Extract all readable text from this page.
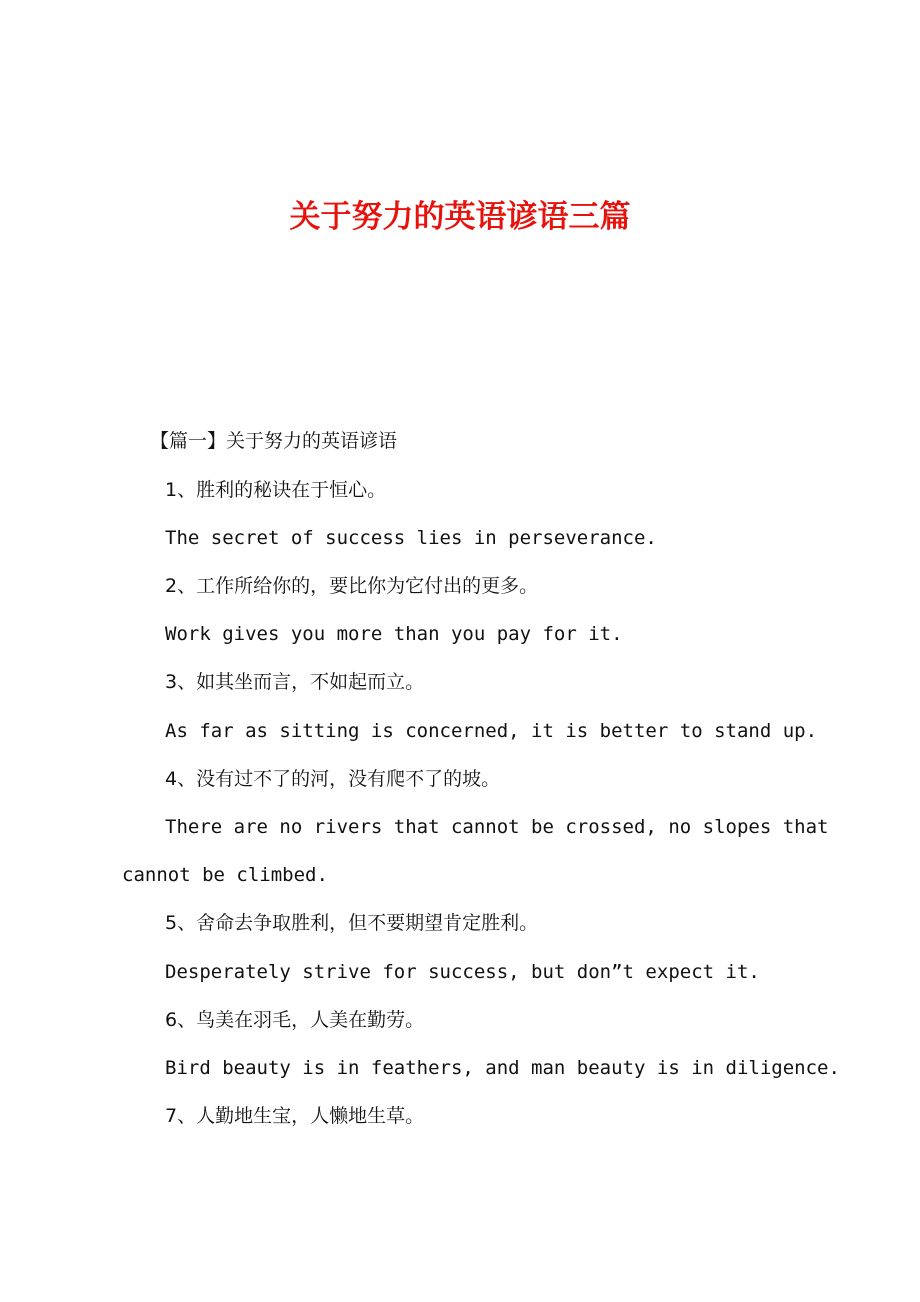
关于努力的英语谚语三篇
【篇一】关于努力的英语谚语
1、胜利的秘诀在于恒心。
The secret of success lies in perseverance.
2、工作所给你的，要比你为它付出的更多。
Work gives you more than you pay for it.
3、如其坐而言，不如起而立。
As far as sitting is concerned, it is better to stand up.
4、没有过不了的河，没有爬不了的坡。
There are no rivers that cannot be crossed, no slopes that
cannot be climbed.
5、舍命去争取胜利，但不要期望肯定胜利。
Desperately strive for success, but don”t expect it.
6、鸟美在羽毛，人美在勤劳。
Bird beauty is in feathers, and man beauty is in diligence.
7、人勤地生宝，人懒地生草。
